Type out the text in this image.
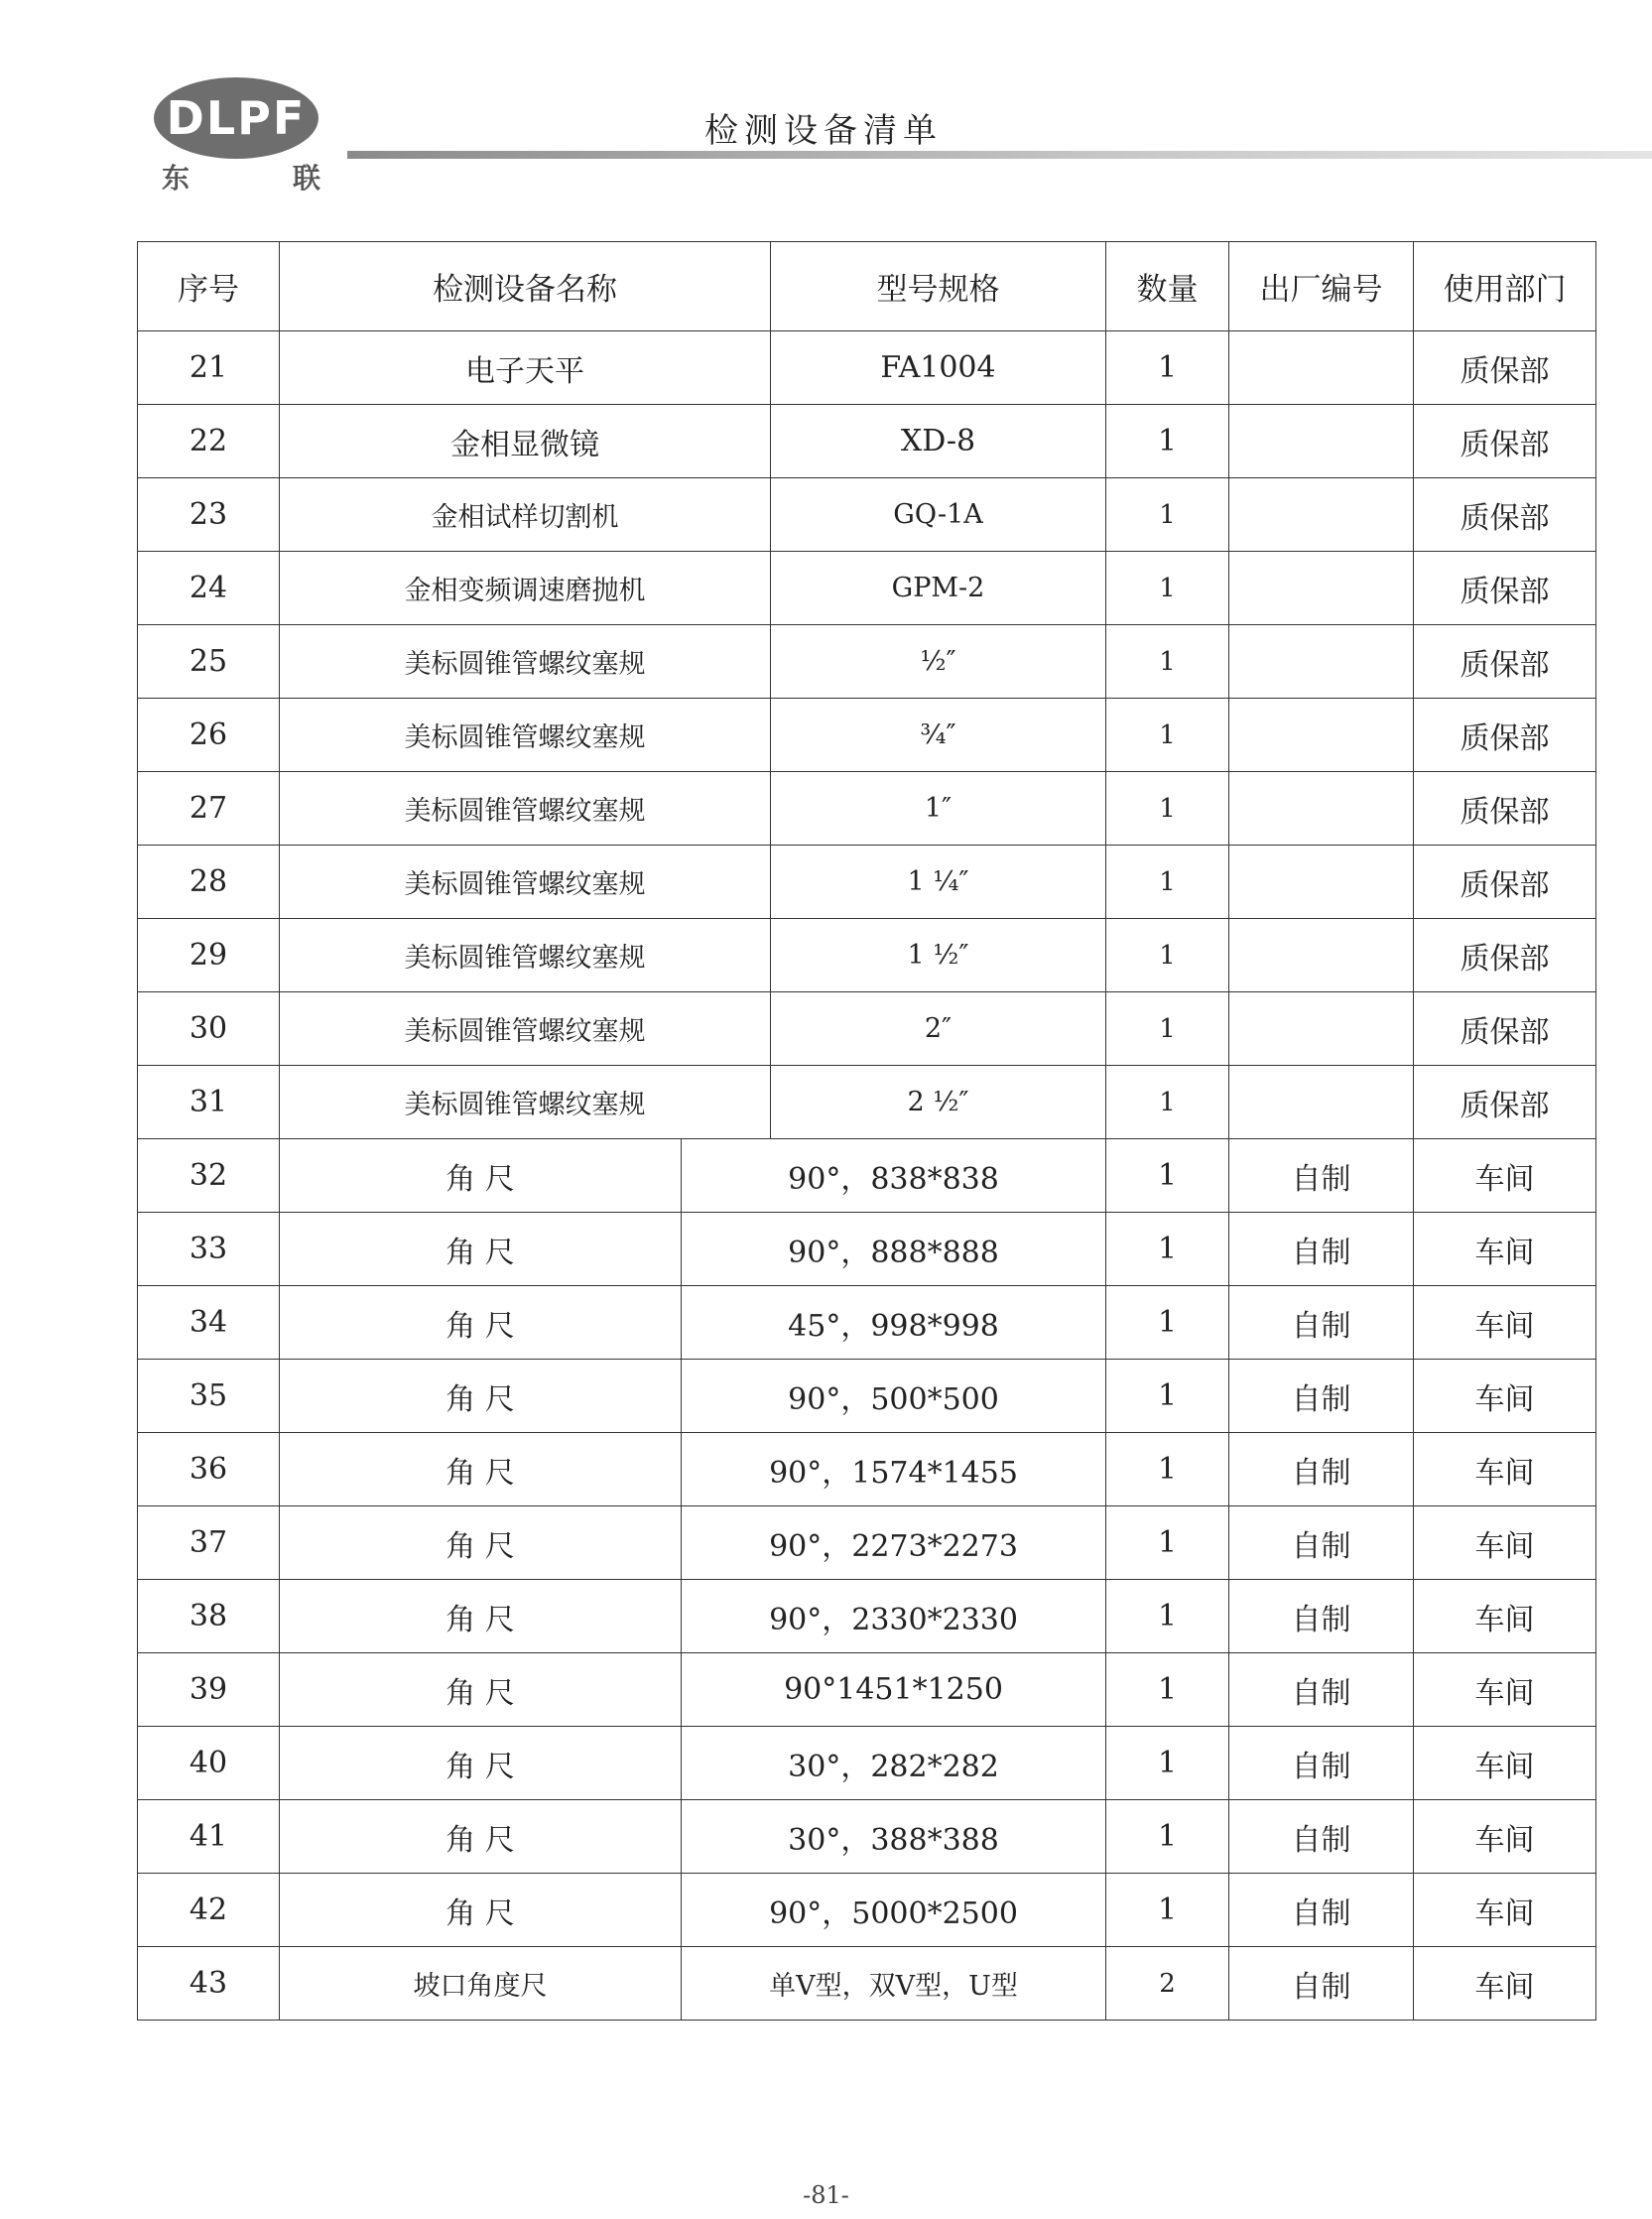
DLPF
东	联
检测设备清单
序号	检测设备名称		型号规格	数量	出厂编号	使用部门
21	电子天平		FA1004	1		质保部
22	金相显微镜		XD-8	1		质保部
23	金相试样切割机		GQ-1A	1		质保部
24	金相变频调速磨抛机		GPM-2	1		质保部
25	美标圆锥管螺纹塞规		½″	1		质保部
26	美标圆锥管螺纹塞规		¾″	1		质保部
27	美标圆锥管螺纹塞规		1″	1		质保部
28	美标圆锥管螺纹塞规		1 ¼″	1		质保部
29	美标圆锥管螺纹塞规		1 ½″	1		质保部
30	美标圆锥管螺纹塞规		2″	1		质保部
31	美标圆锥管螺纹塞规		2 ½″	1		质保部
32	角 尺	90°，838*838		1	自制	车间
33	角 尺	90°，888*888		1	自制	车间
34	角 尺	45°，998*998		1	自制	车间
35	角 尺	90°，500*500		1	自制	车间
36	角 尺	90°，1574*1455		1	自制	车间
37	角 尺	90°，2273*2273		1	自制	车间
38	角 尺	90°，2330*2330		1	自制	车间
39	角 尺	90°1451*1250		1	自制	车间
40	角 尺	30°，282*282		1	自制	车间
41	角 尺	30°，388*388		1	自制	车间
42	角 尺	90°，5000*2500		1	自制	车间
43	坡口角度尺	单V型，双V型，U型		2	自制	车间
-81-
